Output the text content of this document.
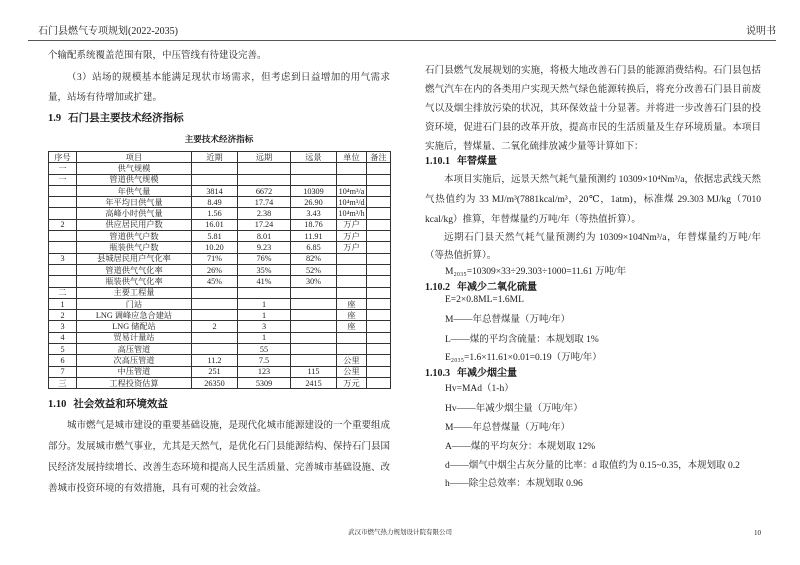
石门县燃气专项规划(2022-2035)	说明书

个输配系统覆盖范围有限，中压管线有待建设完善。

（3）站场的规模基本能满足现状市场需求，但考虑到日益增加的用气需求量，站场有待增加或扩建。

1.9 石门县主要技术经济指标
主要技术经济指标
序号	项目	近期	远期	远景	单位	备注
一	供气规模					
一	管道供气规模					
	年供气量	3814	6672	10309	10⁴m³/a	
	年平均日供气量	8.49	17.74	26.90	10⁴m³/d	
	高峰小时供气量	1.56	2.38	3.43	10⁴m³/h	
2	供应居民用户数	16.01	17.24	18.76	万户	
	管道供气户数	5.81	8.01	11.91	万户	
	瓶装供气户数	10.20	9.23	6.85	万户	
3	县城居民用户气化率	71%	76%	82%		
	管道供气气化率	26%	35%	52%		
	瓶装供气气化率	45%	41%	30%		
二	主要工程量					
1	门站		1		座	
2	LNG 调峰应急合建站		1		座	
3	LNG 储配站	2	3		座	
4	贸易计量站		1			
5	高压管道		55			
6	次高压管道	11.2	7.5		公里	
7	中压管道	251	123	115	公里	
三	工程投资估算	26350	5309	2415	万元	
1.10 社会效益和环境效益

城市燃气是城市建设的重要基础设施，是现代化城市能源建设的一个重要组成部分。发展城市燃气事业，尤其是天然气，是优化石门县能源结构、保持石门县国民经济发展持续增长、改善生态环境和提高人民生活质量、完善城市基础设施、改善城市投资环境的有效措施，具有可观的社会效益。

石门县燃气发展规划的实施，将极大地改善石门县的能源消费结构。石门县包括燃气汽车在内的各类用户实现天然气绿色能源转换后，将充分改善石门县目前废气以及烟尘排放污染的状况，其环保效益十分显著。并将进一步改善石门县的投资环境，促进石门县的改革开放，提高市民的生活质量及生存环境质量。本项目实施后，替煤量、二氧化硫排放减少量等计算如下：

1.10.1 年替煤量

本项目实施后，远景天然气耗气量预测约 10309×10⁴Nm³/a，依据忠武线天然气热值约为 33 MJ/m³(7881kcal/m³，20℃，1atm)，标准煤 29.303 MJ/kg（7010 kcal/kg）推算，年替煤量约万吨/年（等热值折算）。

远期石门县天然气耗气量预测约为 10309×104Nm³/a，年替煤量约万吨/年（等热值折算）。

M₂₀₃₅=10309×33÷29.303÷1000=11.61 万吨/年
1.10.2 年减少二氧化硫量
E=2×0.8ML=1.6ML
M——年总替煤量（万吨/年）
L——煤的平均含硫量：本规划取 1%
E₂₀₃₅=1.6×11.61×0.01=0.19（万吨/年）
1.10.3 年减少烟尘量
Hv=MAd（1-h）
Hv——年减少烟尘量（万吨/年）
M——年总替煤量（万吨/年）
A——煤的平均灰分：本规划取 12%
d——烟气中烟尘占灰分量的比率：d 取值约为 0.15~0.35，本规划取 0.2
h——除尘总效率：本规划取 0.96
武汉市燃气热力规划设计院有限公司	10
